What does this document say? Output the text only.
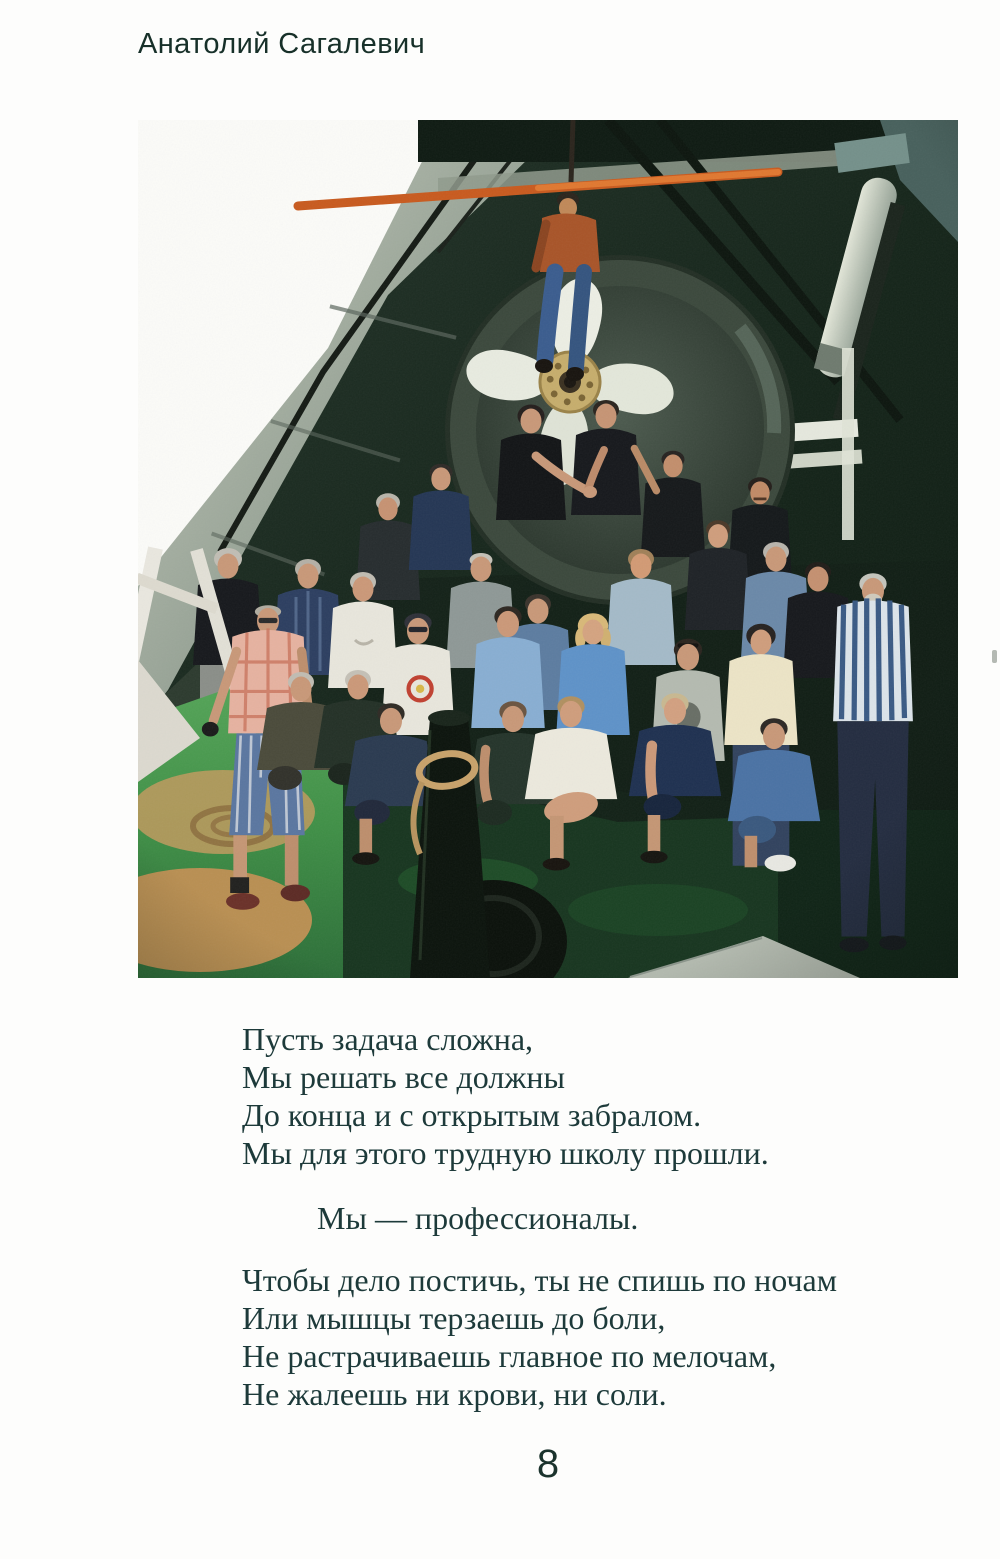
Анатолий Сагалевич
Пусть задача сложна,
Мы решать все должны
До конца и с открытым забралом.
Мы для этого трудную школу прошли.
Мы — профессионалы.
Чтобы дело постичь, ты не спишь по ночам
Или мышцы терзаешь до боли,
Не растрачиваешь главное по мелочам,
Не жалеешь ни крови, ни соли.
8
